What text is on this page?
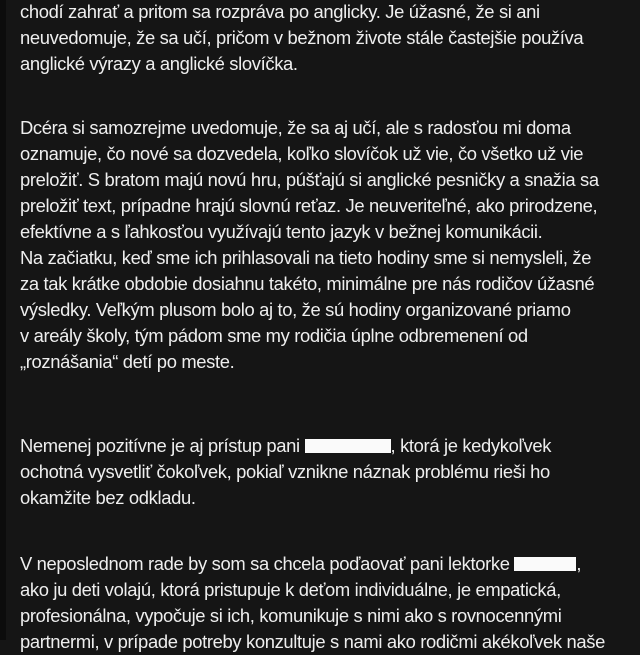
chodí zahrať a pritom sa rozpráva po anglicky. Je úžasné, že si ani
neuvedomuje, že sa učí, pričom v bežnom živote stále častejšie používa
anglické výrazy a anglické slovíčka.
Dcéra si samozrejme uvedomuje, že sa aj učí, ale s radosťou mi doma
oznamuje, čo nové sa dozvedela, koľko slovíčok už vie, čo všetko už vie
preložiť. S bratom majú novú hru, púšťajú si anglické pesničky a snažia sa
preložiť text, prípadne hrajú slovnú reťaz. Je neuveriteľné, ako prirodzene,
efektívne a s ľahkosťou využívajú tento jazyk v bežnej komunikácii.
Na začiatku, keď sme ich prihlasovali na tieto hodiny sme si nemysleli, že
za tak krátke obdobie dosiahnu takéto, minimálne pre nás rodičov úžasné
výsledky. Veľkým plusom bolo aj to, že sú hodiny organizované priamo
v areály školy, tým pádom sme my rodičia úplne odbremenení od
„roznášania“ detí po meste.
Nemenej pozitívne je aj prístup pani	, ktorá je kedykoľvek
ochotná vysvetliť čokoľvek, pokiaľ vznikne náznak problému rieši ho
okamžite bez odkladu.
V neposlednom rade by som sa chcela poďaovať pani lektorke	,
ako ju deti volajú, ktorá pristupuje k deťom individuálne, je empatická,
profesionálna, vypočuje si ich, komunikuje s nimi ako s rovnocennými
partnermi, v prípade potreby konzultuje s nami ako rodičmi akékoľvek naše
